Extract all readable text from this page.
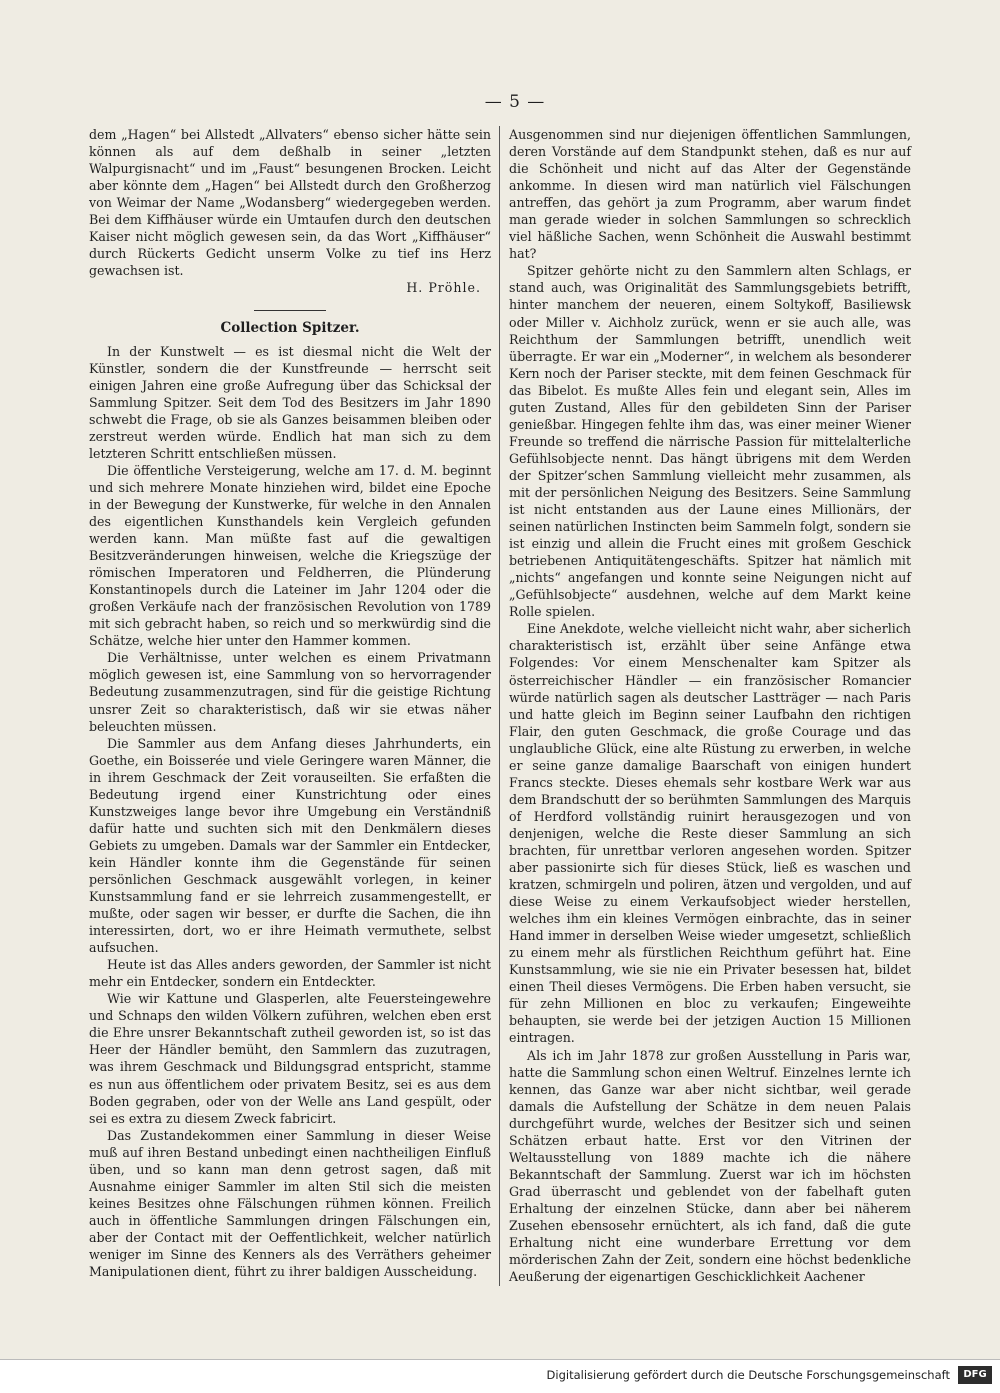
— 5 —

dem „Hagen“ bei Allstedt „Allvaters“ ebenso sicher hätte sein können als auf dem deßhalb in seiner „letzten Walpurgisnacht“ und im „Faust“ besungenen Brocken. Leicht aber könnte dem „Hagen“ bei Allstedt durch den Großherzog von Weimar der Name „Wodansberg“ wiedergegeben werden. Bei dem Kiffhäuser würde ein Umtaufen durch den deutschen Kaiser nicht möglich gewesen sein, da das Wort „Kiffhäuser“ durch Rückerts Gedicht unserm Volke zu tief ins Herz gewachsen ist.

H. Pröhle.

Collection Spitzer.

In der Kunstwelt — es ist diesmal nicht die Welt der Künstler, sondern die der Kunstfreunde — herrscht seit einigen Jahren eine große Aufregung über das Schicksal der Sammlung Spitzer. Seit dem Tod des Besitzers im Jahr 1890 schwebt die Frage, ob sie als Ganzes beisammen bleiben oder zerstreut werden würde. Endlich hat man sich zu dem letzteren Schritt entschließen müssen.

Die öffentliche Versteigerung, welche am 17. d. M. beginnt und sich mehrere Monate hinziehen wird, bildet eine Epoche in der Bewegung der Kunstwerke, für welche in den Annalen des eigentlichen Kunsthandels kein Vergleich gefunden werden kann. Man müßte fast auf die gewaltigen Besitzveränderungen hinweisen, welche die Kriegszüge der römischen Imperatoren und Feldherren, die Plünderung Konstantinopels durch die Lateiner im Jahr 1204 oder die großen Verkäufe nach der französischen Revolution von 1789 mit sich gebracht haben, so reich und so merkwürdig sind die Schätze, welche hier unter den Hammer kommen.

Die Verhältnisse, unter welchen es einem Privatmann möglich gewesen ist, eine Sammlung von so hervorragender Bedeutung zusammenzutragen, sind für die geistige Richtung unsrer Zeit so charakteristisch, daß wir sie etwas näher beleuchten müssen.

Die Sammler aus dem Anfang dieses Jahrhunderts, ein Goethe, ein Boisserée und viele Geringere waren Männer, die in ihrem Geschmack der Zeit vorauseilten. Sie erfaßten die Bedeutung irgend einer Kunstrichtung oder eines Kunstzweiges lange bevor ihre Umgebung ein Verständniß dafür hatte und suchten sich mit den Denkmälern dieses Gebiets zu umgeben. Damals war der Sammler ein Entdecker, kein Händler konnte ihm die Gegenstände für seinen persönlichen Geschmack ausgewählt vorlegen, in keiner Kunstsammlung fand er sie lehrreich zusammengestellt, er mußte, oder sagen wir besser, er durfte die Sachen, die ihn interessirten, dort, wo er ihre Heimath vermuthete, selbst aufsuchen.

Heute ist das Alles anders geworden, der Sammler ist nicht mehr ein Entdecker, sondern ein Entdeckter.

Wie wir Kattune und Glasperlen, alte Feuersteingewehre und Schnaps den wilden Völkern zuführen, welchen eben erst die Ehre unsrer Bekanntschaft zutheil geworden ist, so ist das Heer der Händler bemüht, den Sammlern das zuzutragen, was ihrem Geschmack und Bildungsgrad entspricht, stamme es nun aus öffentlichem oder privatem Besitz, sei es aus dem Boden gegraben, oder von der Welle ans Land gespült, oder sei es extra zu diesem Zweck fabricirt.

Das Zustandekommen einer Sammlung in dieser Weise muß auf ihren Bestand unbedingt einen nachtheiligen Einfluß üben, und so kann man denn getrost sagen, daß mit Ausnahme einiger Sammler im alten Stil sich die meisten keines Besitzes ohne Fälschungen rühmen können. Freilich auch in öffentliche Sammlungen dringen Fälschungen ein, aber der Contact mit der Oeffentlichkeit, welcher natürlich weniger im Sinne des Kenners als des Verräthers geheimer Manipulationen dient, führt zu ihrer baldigen Ausscheidung.

Ausgenommen sind nur diejenigen öffentlichen Sammlungen, deren Vorstände auf dem Standpunkt stehen, daß es nur auf die Schönheit und nicht auf das Alter der Gegenstände ankomme. In diesen wird man natürlich viel Fälschungen antreffen, das gehört ja zum Programm, aber warum findet man gerade wieder in solchen Sammlungen so schrecklich viel häßliche Sachen, wenn Schönheit die Auswahl bestimmt hat?

Spitzer gehörte nicht zu den Sammlern alten Schlags, er stand auch, was Originalität des Sammlungsgebiets betrifft, hinter manchem der neueren, einem Soltykoff, Basiliewsk oder Miller v. Aichholz zurück, wenn er sie auch alle, was Reichthum der Sammlungen betrifft, unendlich weit überragte. Er war ein „Moderner“, in welchem als besonderer Kern noch der Pariser steckte, mit dem feinen Geschmack für das Bibelot. Es mußte Alles fein und elegant sein, Alles im guten Zustand, Alles für den gebildeten Sinn der Pariser genießbar. Hingegen fehlte ihm das, was einer meiner Wiener Freunde so treffend die närrische Passion für mittelalterliche Gefühlsobjecte nennt. Das hängt übrigens mit dem Werden der Spitzer’schen Sammlung vielleicht mehr zusammen, als mit der persönlichen Neigung des Besitzers. Seine Sammlung ist nicht entstanden aus der Laune eines Millionärs, der seinen natürlichen Instincten beim Sammeln folgt, sondern sie ist einzig und allein die Frucht eines mit großem Geschick betriebenen Antiquitätengeschäfts. Spitzer hat nämlich mit „nichts“ angefangen und konnte seine Neigungen nicht auf „Gefühlsobjecte“ ausdehnen, welche auf dem Markt keine Rolle spielen.

Eine Anekdote, welche vielleicht nicht wahr, aber sicherlich charakteristisch ist, erzählt über seine Anfänge etwa Folgendes: Vor einem Menschenalter kam Spitzer als österreichischer Händler — ein französischer Romancier würde natürlich sagen als deutscher Lastträger — nach Paris und hatte gleich im Beginn seiner Laufbahn den richtigen Flair, den guten Geschmack, die große Courage und das unglaubliche Glück, eine alte Rüstung zu erwerben, in welche er seine ganze damalige Baarschaft von einigen hundert Francs steckte. Dieses ehemals sehr kostbare Werk war aus dem Brandschutt der so berühmten Sammlungen des Marquis of Herdford vollständig ruinirt herausgezogen und von denjenigen, welche die Reste dieser Sammlung an sich brachten, für unrettbar verloren angesehen worden. Spitzer aber passionirte sich für dieses Stück, ließ es waschen und kratzen, schmirgeln und poliren, ätzen und vergolden, und auf diese Weise zu einem Verkaufsobject wieder herstellen, welches ihm ein kleines Vermögen einbrachte, das in seiner Hand immer in derselben Weise wieder umgesetzt, schließlich zu einem mehr als fürstlichen Reichthum geführt hat. Eine Kunstsammlung, wie sie nie ein Privater besessen hat, bildet einen Theil dieses Vermögens. Die Erben haben versucht, sie für zehn Millionen en bloc zu verkaufen; Eingeweihte behaupten, sie werde bei der jetzigen Auction 15 Millionen eintragen.

Als ich im Jahr 1878 zur großen Ausstellung in Paris war, hatte die Sammlung schon einen Weltruf. Einzelnes lernte ich kennen, das Ganze war aber nicht sichtbar, weil gerade damals die Aufstellung der Schätze in dem neuen Palais durchgeführt wurde, welches der Besitzer sich und seinen Schätzen erbaut hatte. Erst vor den Vitrinen der Weltausstellung von 1889 machte ich die nähere Bekanntschaft der Sammlung. Zuerst war ich im höchsten Grad überrascht und geblendet von der fabelhaft guten Erhaltung der einzelnen Stücke, dann aber bei näherem Zusehen ebensosehr ernüchtert, als ich fand, daß die gute Erhaltung nicht eine wunderbare Errettung vor dem mörderischen Zahn der Zeit, sondern eine höchst bedenkliche Aeußerung der eigenartigen Geschicklichkeit Aachener

Digitalisierung gefördert durch die Deutsche Forschungsgemeinschaft	DFG
